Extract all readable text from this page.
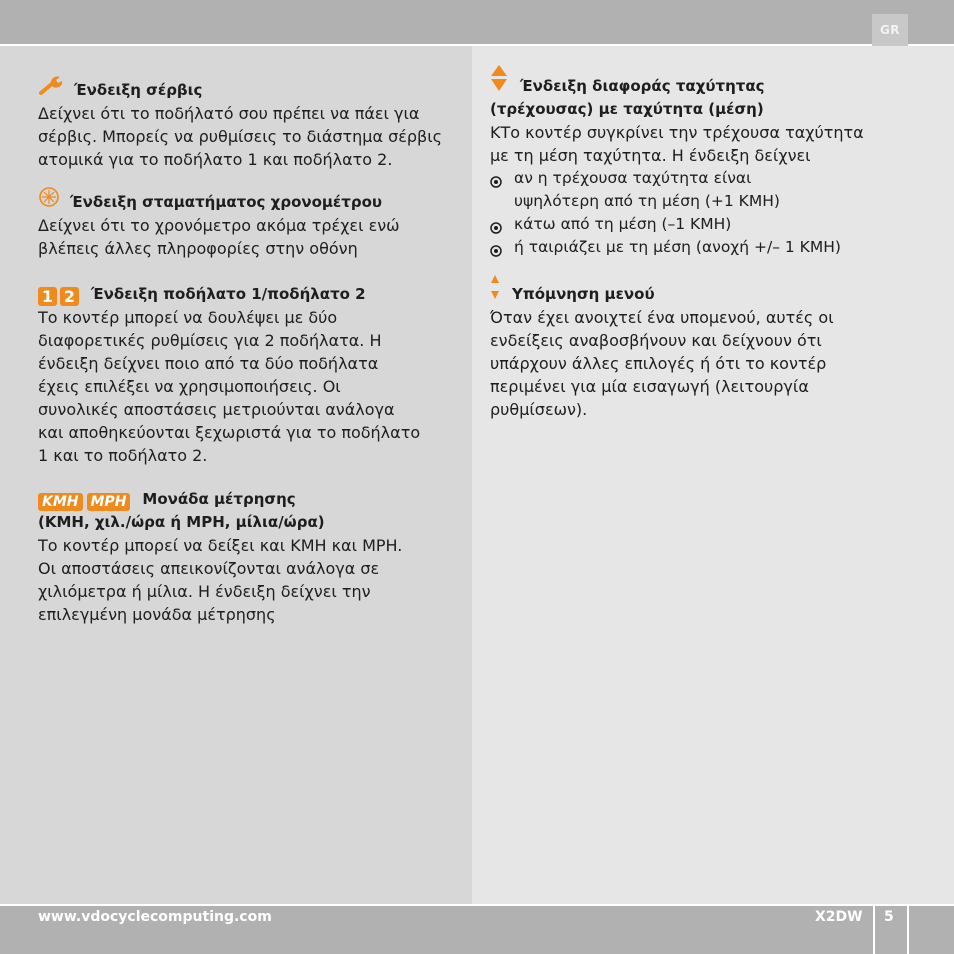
GR
Ένδειξη σέρβις

Δείχνει ότι το ποδήλατό σου πρέπει να πάει για

σέρβις. Μπορείς να ρυθμίσεις το διάστημα σέρβις

ατομικά για το ποδήλατο 1 και ποδήλατο 2.

Ένδειξη σταματήματος χρονομέτρου

Δείχνει ότι το χρονόμετρο ακόμα τρέχει ενώ

βλέπεις άλλες πληροφορίες στην οθόνη

1 2 Ένδειξη ποδήλατο 1/ποδήλατο 2

Το κοντέρ μπορεί να δουλέψει με δύο

διαφορετικές ρυθμίσεις για 2 ποδήλατα. Η

ένδειξη δείχνει ποιο από τα δύο ποδήλατα

έχεις επιλέξει να χρησιμοποιήσεις. Οι

συνολικές αποστάσεις μετριούνται ανάλογα

και αποθηκεύονται ξεχωριστά για το ποδήλατο

1 και το ποδήλατο 2.

KMH MPH Μονάδα μέτρησης

(KMH, χιλ./ώρα ή MPH, μίλια/ώρα)

Το κοντέρ μπορεί να δείξει και KMH και MPH.

Οι αποστάσεις απεικονίζονται ανάλογα σε

χιλιόμετρα ή μίλια. Η ένδειξη δείχνει την

επιλεγμένη μονάδα μέτρησης

Ένδειξη διαφοράς ταχύτητας

(τρέχουσας) με ταχύτητα (μέση)

ΚΤο κοντέρ συγκρίνει την τρέχουσα ταχύτητα

με τη μέση ταχύτητα. Η ένδειξη δείχνει

αν η τρέχουσα ταχύτητα είναι
υψηλότερη από τη μέση (+1 KMH)
κάτω από τη μέση (–1 KMH)
ή ταιριάζει με τη μέση (ανοχή +/– 1 KMH)
Υπόμνηση μενού

Όταν έχει ανοιχτεί ένα υπομενού, αυτές οι

ενδείξεις αναβοσβήνουν και δείχνουν ότι

υπάρχουν άλλες επιλογές ή ότι το κοντέρ

περιμένει για μία εισαγωγή (λειτουργία

ρυθμίσεων).

www.vdocyclecomputing.com	X2DW 5
